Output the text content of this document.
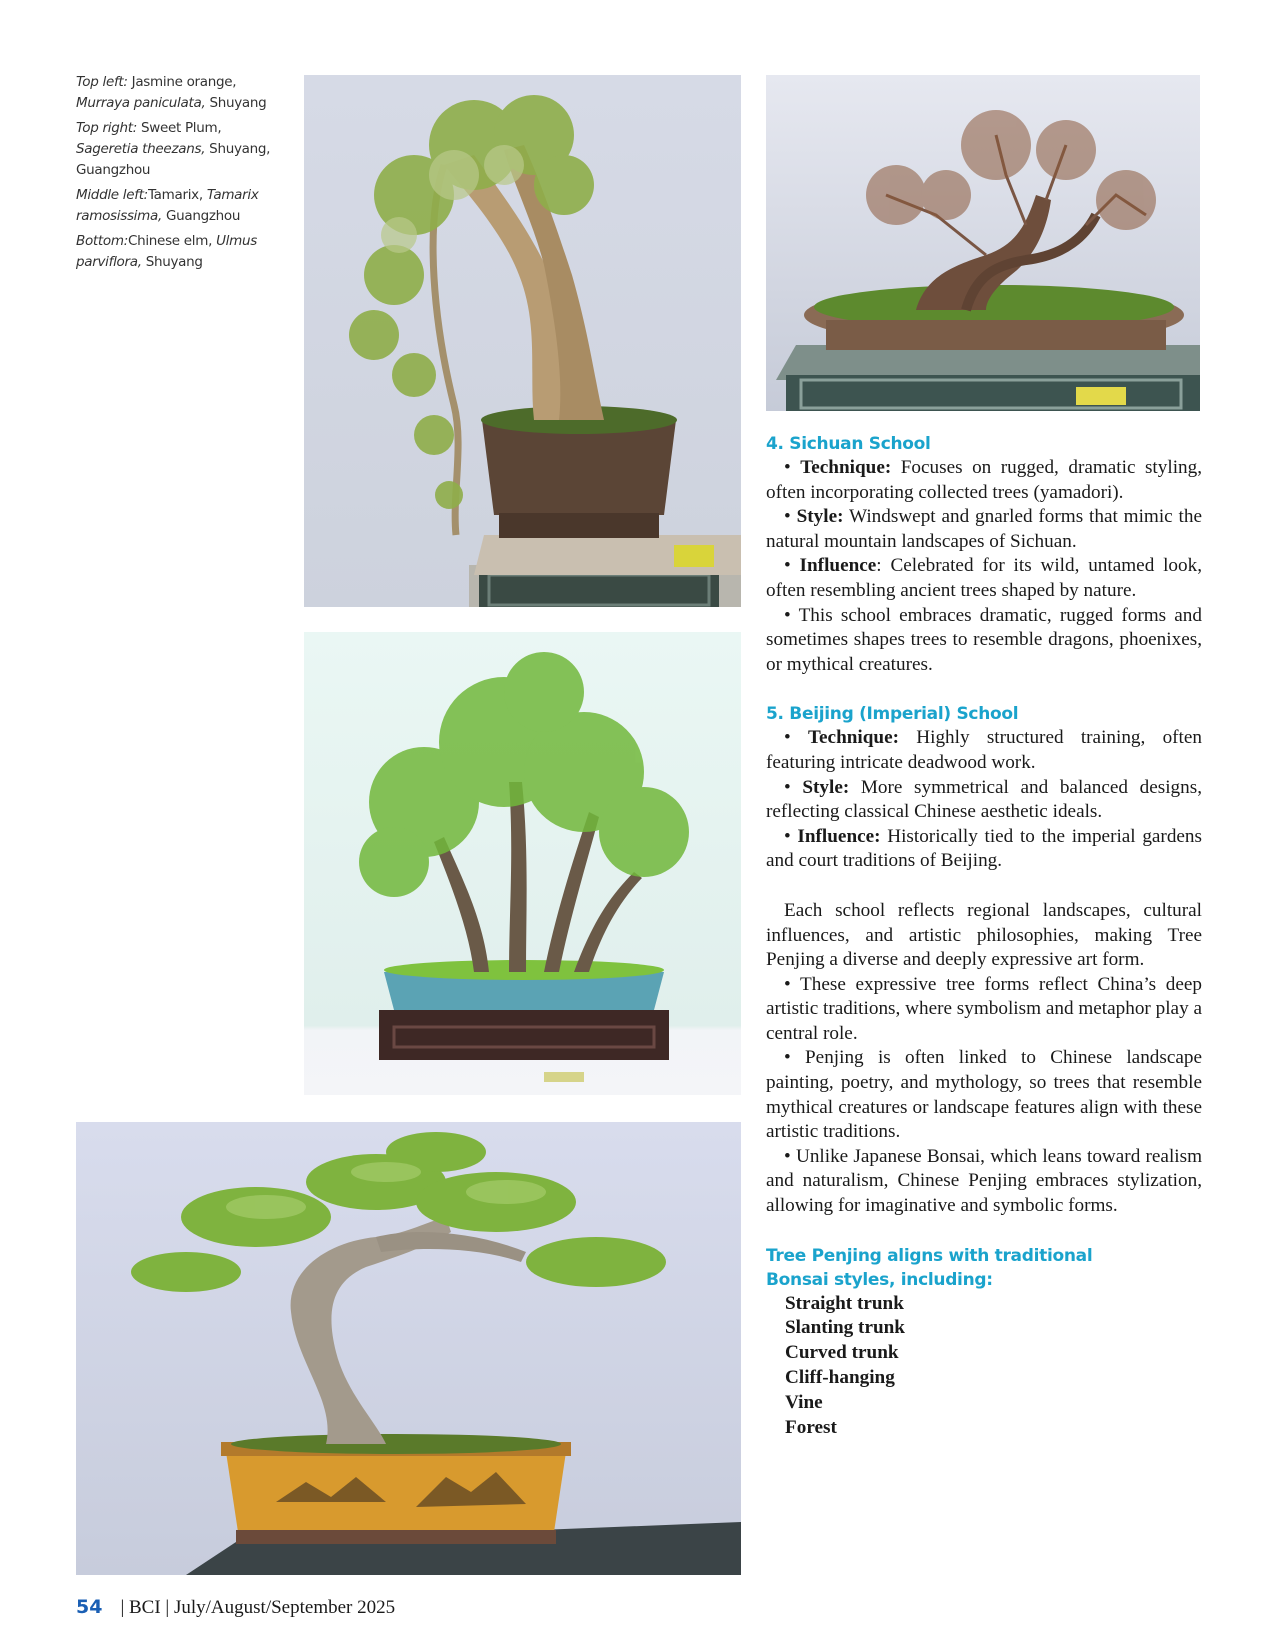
Top left: Jasmine orange, Murraya paniculata, Shuyang

Top right: Sweet Plum, Sageretia theezans, Shuyang, Guangzhou

Middle left:Tamarix, Tamarix ramosissima, Guangzhou

Bottom:Chinese elm, Ulmus parviflora, Shuyang

4. Sichuan School

• Technique: Focuses on rugged, dramatic styling, often incorporating collected trees (yamadori).

• Style: Windswept and gnarled forms that mimic the natural mountain landscapes of Sichuan.

• Influence: Celebrated for its wild, untamed look, often resembling ancient trees shaped by nature.

• This school embraces dramatic, rugged forms and sometimes shapes trees to resemble dragons, phoenixes, or mythical creatures.

5. Beijing (Imperial) School

• Technique: Highly structured training, often featuring intricate deadwood work.

• Style: More symmetrical and balanced designs, reflecting classical Chinese aesthetic ideals.

• Influence: Historically tied to the imperial gardens and court traditions of Beijing.

Each school reflects regional landscapes, cultural influences, and artistic philosophies, making Tree Penjing a diverse and deeply expressive art form.

• These expressive tree forms reflect China’s deep artistic traditions, where symbolism and metaphor play a central role.

• Penjing is often linked to Chinese landscape painting, poetry, and mythology, so trees that resemble mythical creatures or landscape features align with these artistic traditions.

• Unlike Japanese Bonsai, which leans toward realism and naturalism, Chinese Penjing embraces stylization, allowing for imaginative and symbolic forms.

Tree Penjing aligns with traditional
Bonsai styles, including:
Straight trunk
Slanting trunk
Curved trunk
Cliff-hanging
Vine
Forest
54 | BCI | July/August/September 2025
